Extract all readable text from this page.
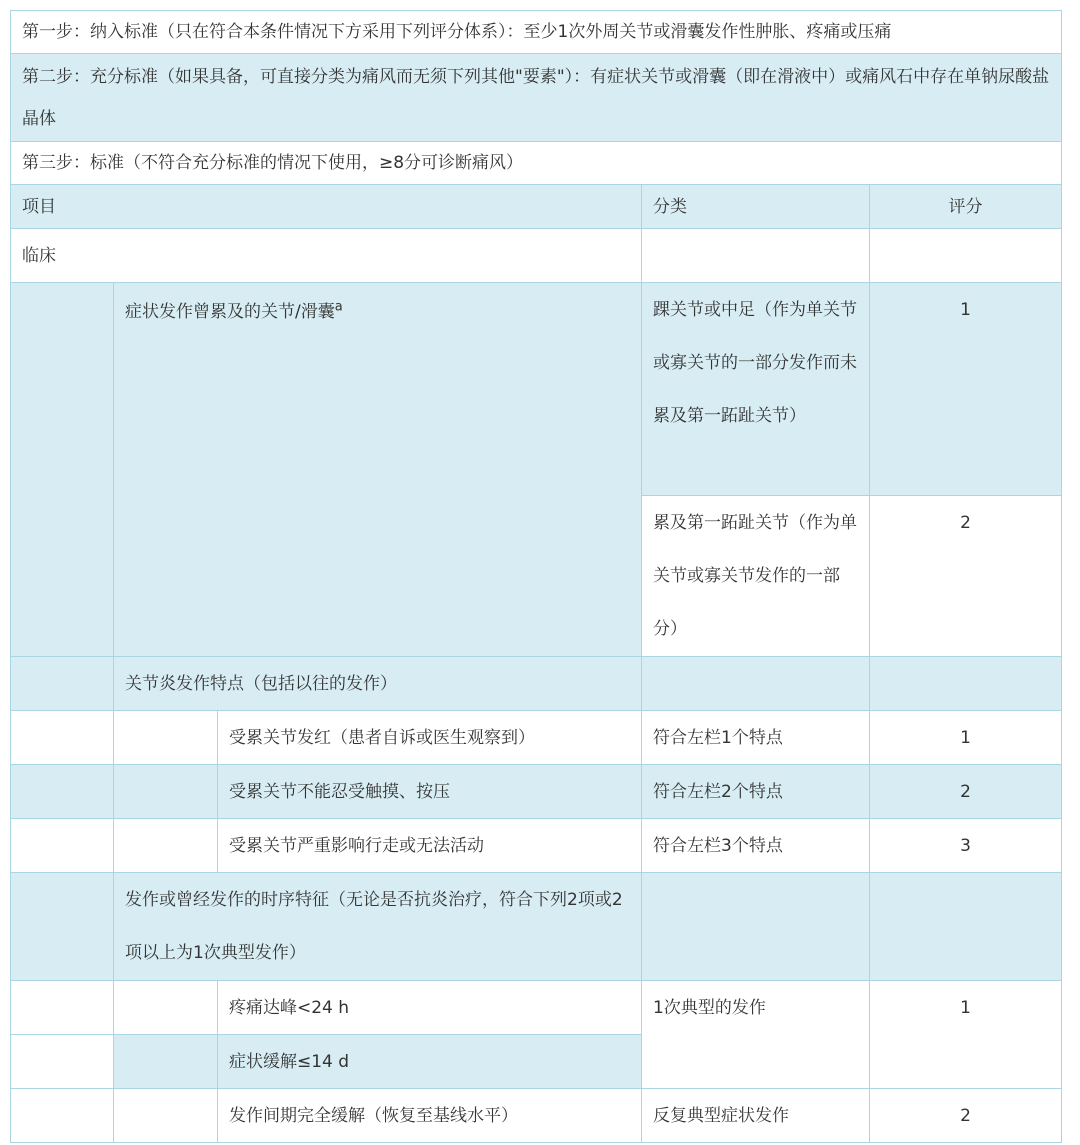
第一步：纳入标准（只在符合本条件情况下方采用下列评分体系）：至少1次外周关节或滑囊发作性肿胀、疼痛或压痛				
第二步：充分标准（如果具备，可直接分类为痛风而无须下列其他"要素"）：有症状关节或滑囊（即在滑液中）或痛风石中存在单钠尿酸盐晶体				
第三步：标准（不符合充分标准的情况下使用，≥8分可诊断痛风）				
项目			分类	评分
临床				
	症状发作曾累及的关节/滑囊$^a$		踝关节或中足（作为单关节或寡关节的一部分发作而未累及第一跖趾关节）	1
			累及第一跖趾关节（作为单关节或寡关节发作的一部分）	2
	关节炎发作特点（包括以往的发作）			
		受累关节发红（患者自诉或医生观察到）	符合左栏1个特点	1
		受累关节不能忍受触摸、按压	符合左栏2个特点	2
		受累关节严重影响行走或无法活动	符合左栏3个特点	3
	发作或曾经发作的时序特征（无论是否抗炎治疗，符合下列2项或2项以上为1次典型发作）			
		疼痛达峰<24 h	1次典型的发作	1
		症状缓解≤14 d		
		发作间期完全缓解（恢复至基线水平）	反复典型症状发作	2
